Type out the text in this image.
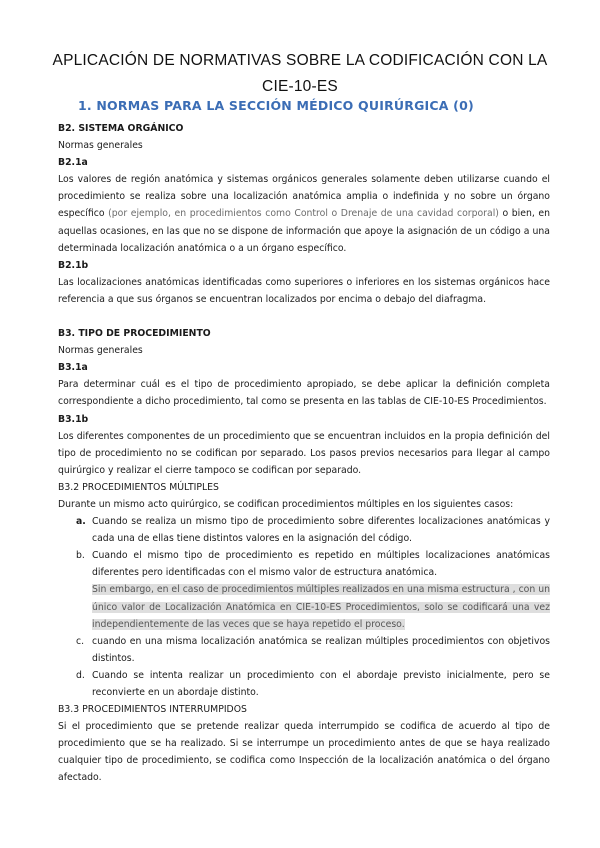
APLICACIÓN DE NORMATIVAS SOBRE LA CODIFICACIÓN CON LA CIE-10-ES
1. NORMAS PARA LA SECCIÓN MÉDICO QUIRÚRGICA (0)
B2. SISTEMA ORGÁNICO
Normas generales
B2.1a
Los valores de región anatómica y sistemas orgánicos generales solamente deben utilizarse cuando el procedimiento se realiza sobre una localización anatómica amplia o indefinida y no sobre un órgano específico (por ejemplo, en procedimientos como Control o Drenaje de una cavidad corporal) o bien, en aquellas ocasiones, en las que no se dispone de información que apoye la asignación de un código a una determinada localización anatómica o a un órgano específico.
B2.1b
Las localizaciones anatómicas identificadas como superiores o inferiores en los sistemas orgánicos hace referencia a que sus órganos se encuentran localizados por encima o debajo del diafragma.
B3. TIPO DE PROCEDIMIENTO
Normas generales
B3.1a
Para determinar cuál es el tipo de procedimiento apropiado, se debe aplicar la definición completa correspondiente a dicho procedimiento, tal como se presenta en las tablas de CIE-10-ES Procedimientos.
B3.1b
Los diferentes componentes de un procedimiento que se encuentran incluidos en la propia definición del tipo de procedimiento no se codifican por separado. Los pasos previos necesarios para llegar al campo quirúrgico y realizar el cierre tampoco se codifican por separado.
B3.2 PROCEDIMIENTOS MÚLTIPLES
Durante un mismo acto quirúrgico, se codifican procedimientos múltiples en los siguientes casos:
a. Cuando se realiza un mismo tipo de procedimiento sobre diferentes localizaciones anatómicas y cada una de ellas tiene distintos valores en la asignación del código.
b. Cuando el mismo tipo de procedimiento es repetido en múltiples localizaciones anatómicas diferentes pero identificadas con el mismo valor de estructura anatómica.
Sin embargo, en el caso de procedimientos múltiples realizados en una misma estructura , con un único valor de Localización Anatómica en CIE-10-ES Procedimientos, solo se codificará una vez independientemente de las veces que se haya repetido el proceso.
c. cuando en una misma localización anatómica se realizan múltiples procedimientos con objetivos distintos.
d. Cuando se intenta realizar un procedimiento con el abordaje previsto inicialmente, pero se reconvierte en un abordaje distinto.
B3.3 PROCEDIMIENTOS INTERRUMPIDOS
Si el procedimiento que se pretende realizar queda interrumpido se codifica de acuerdo al tipo de procedimiento que se ha realizado. Si se interrumpe un procedimiento antes de que se haya realizado cualquier tipo de procedimiento, se codifica como Inspección de la localización anatómica o del órgano afectado.
